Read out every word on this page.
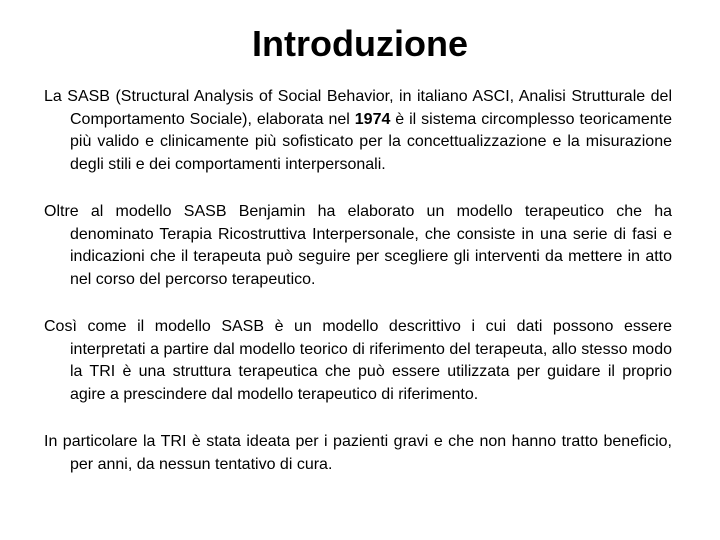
Introduzione

La SASB (Structural Analysis of Social Behavior, in italiano ASCI, Analisi Strutturale del Comportamento Sociale), elaborata nel 1974 è il sistema circomplesso teoricamente più valido e clinicamente più sofisticato per la concettualizzazione e la misurazione degli stili e dei comportamenti interpersonali.

Oltre al modello SASB Benjamin ha elaborato un modello terapeutico che ha denominato Terapia Ricostruttiva Interpersonale, che consiste in una serie di fasi e indicazioni che il terapeuta può seguire per scegliere gli interventi da mettere in atto nel corso del percorso terapeutico.

Così come il modello SASB è un modello descrittivo i cui dati possono essere interpretati a partire dal modello teorico di riferimento del terapeuta, allo stesso modo la TRI è una struttura terapeutica che può essere utilizzata per guidare il proprio agire a prescindere dal modello terapeutico di riferimento.

In particolare la TRI è stata ideata per i pazienti gravi e che non hanno tratto beneficio, per anni, da nessun tentativo di cura.
